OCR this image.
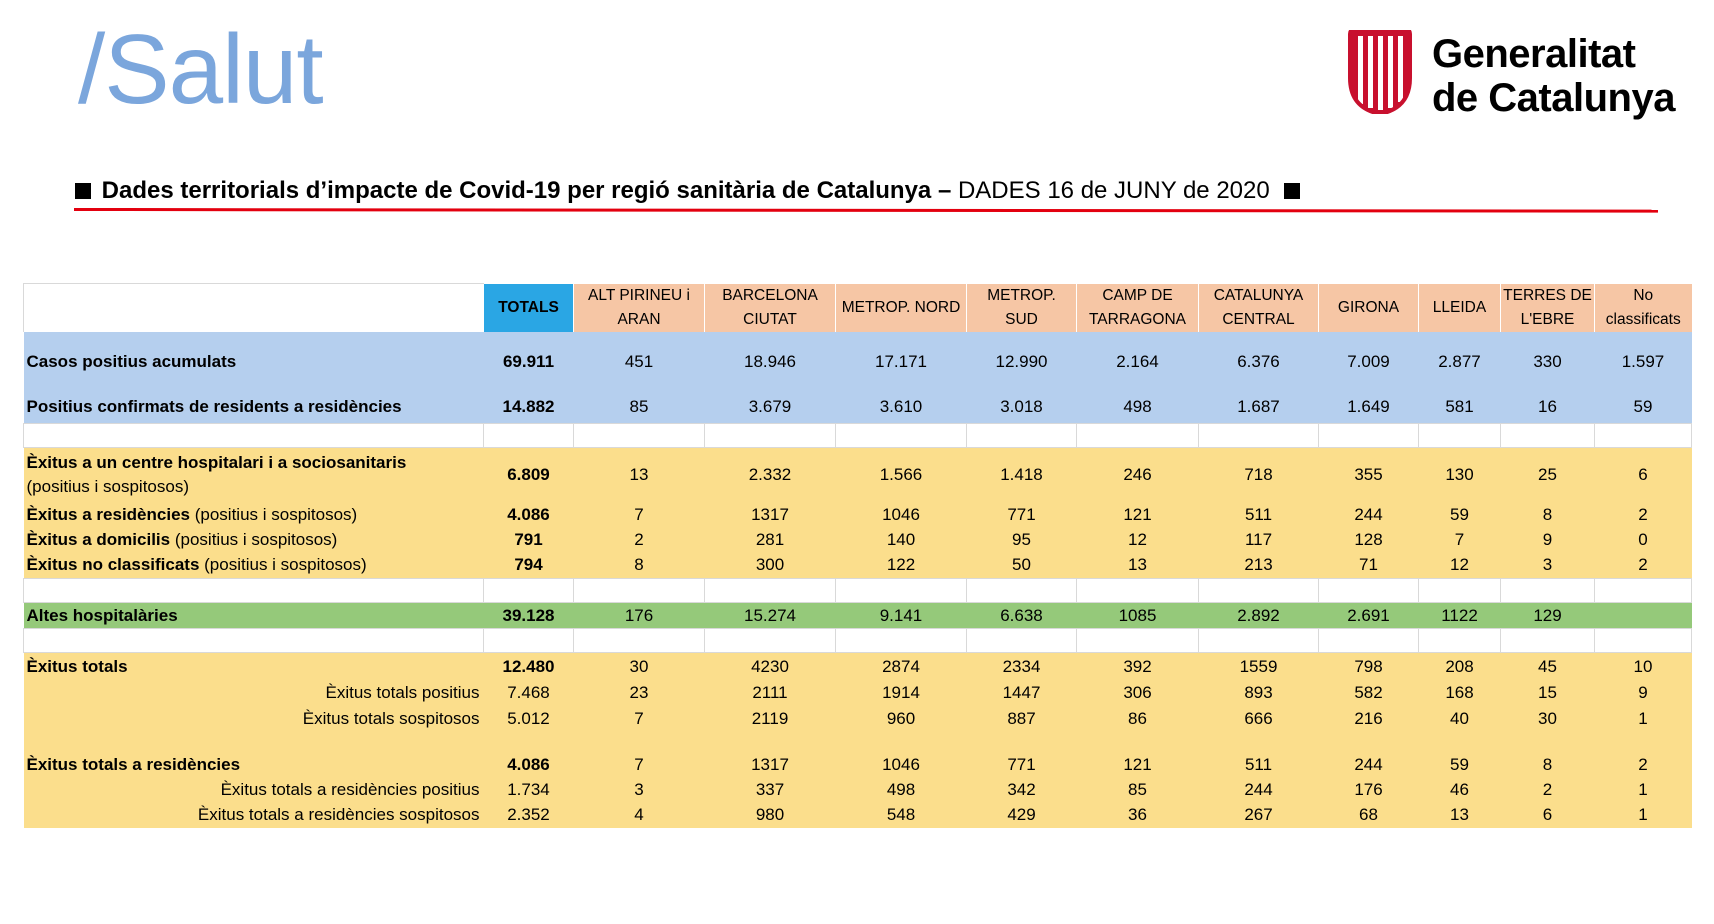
/Salut	Generalitat
de Catalunya
Dades territorials d’impacte de Covid-19 per regió sanitària de Catalunya – DADES 16 de JUNY de 2020
	TOTALS	ALT PIRINEU i ARAN	BARCELONA CIUTAT	METROP. NORD	METROP. SUD	CAMP DE TARRAGONA	CATALUNYA CENTRAL	GIRONA	LLEIDA	TERRES DE L'EBRE	No classificats
Casos positius acumulats	69.911	451	18.946	17.171	12.990	2.164	6.376	7.009	2.877	330	1.597
Positius confirmats de residents a residències	14.882	85	3.679	3.610	3.018	498	1.687	1.649	581	16	59

Èxitus a un centre hospitalari i a sociosanitaris
(positius i sospitosos)	6.809	13	2.332	1.566	1.418	246	718	355	130	25	6
Èxitus a residències (positius i sospitosos)	4.086	7	1317	1046	771	121	511	244	59	8	2
Èxitus a domicilis (positius i sospitosos)	791	2	281	140	95	12	117	128	7	9	0
Èxitus no classificats (positius i sospitosos)	794	8	300	122	50	13	213	71	12	3	2

Altes hospitalàries	39.128	176	15.274	9.141	6.638	1085	2.892	2.691	1122	129	

Èxitus totals	12.480	30	4230	2874	2334	392	1559	798	208	45	10
Èxitus totals positius	7.468	23	2111	1914	1447	306	893	582	168	15	9
Èxitus totals sospitosos	5.012	7	2119	960	887	86	666	216	40	30	1

Èxitus totals a residències	4.086	7	1317	1046	771	121	511	244	59	8	2
Èxitus totals a residències positius	1.734	3	337	498	342	85	244	176	46	2	1
Èxitus totals a residències sospitosos	2.352	4	980	548	429	36	267	68	13	6	1
